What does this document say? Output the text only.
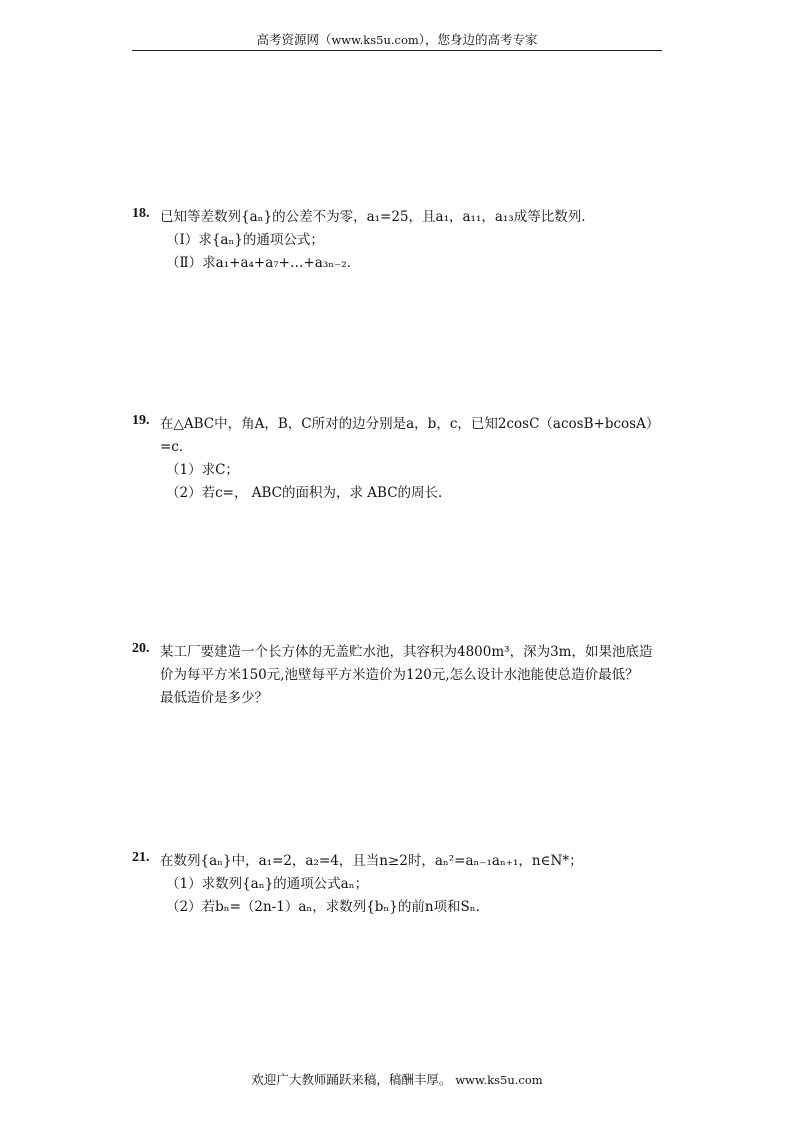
高考资源网（www.ks5u.com），您身边的高考专家
18. 已知等差数列{aₙ}的公差不为零，a₁=25，且a₁，a₁₁，a₁₃成等比数列．
（Ⅰ）求{aₙ}的通项公式；
（Ⅱ）求a₁+a₄+a₇+…+a₃ₙ₋₂．
19. 在△ABC中，角A，B，C所对的边分别是a，b，c，已知2cosC（acosB+bcosA）
=c．
（1）求C；
（2）若c=， ABC的面积为，求 ABC的周长．
20. 某工厂要建造一个长方体的无盖贮水池，其容积为4800m³，深为3m，如果池底造
价为每平方米150元,池壁每平方米造价为120元,怎么设计水池能使总造价最低？
最低造价是多少？
21. 在数列{aₙ}中，a₁=2，a₂=4，且当n≥2时，aₙ²=aₙ₋₁aₙ₊₁，n∈N*；
（1）求数列{aₙ}的通项公式aₙ；
（2）若bₙ=（2n-1）aₙ，求数列{bₙ}的前n项和Sₙ．
欢迎广大教师踊跃来稿，稿酬丰厚。 www.ks5u.com
